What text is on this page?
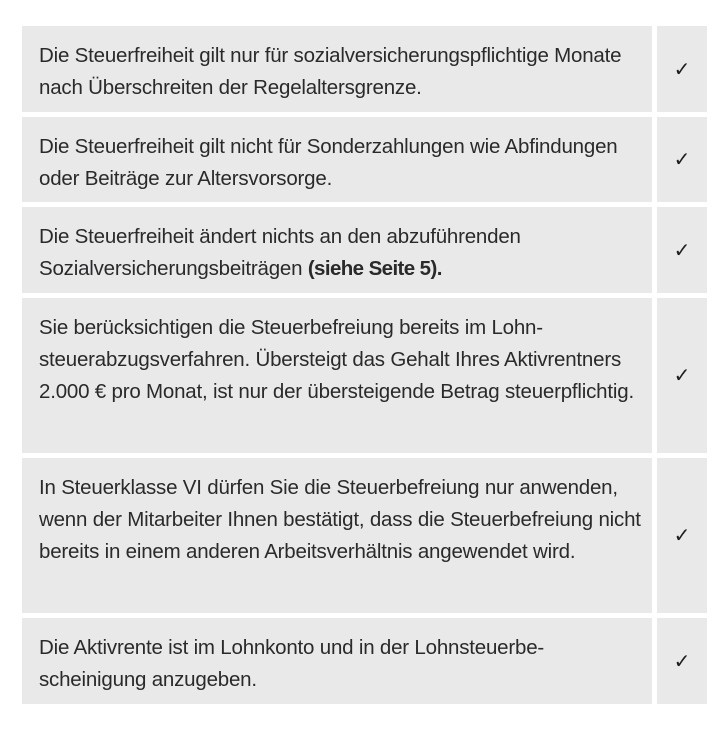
Die Steuerfreiheit gilt nur für sozialversicherungspflichtige Monate nach Überschreiten der Regelaltersgrenze.
✓
Die Steuerfreiheit gilt nicht für Sonderzahlungen wie Abfindungen oder Beiträge zur Altersvorsorge.
✓
Die Steuerfreiheit ändert nichts an den abzuführenden Sozialversicherungsbeiträgen (siehe Seite 5).
✓
Sie berücksichtigen die Steuerbefreiung bereits im Lohnsteuerabzugsverfahren. Übersteigt das Gehalt Ihres Aktivrentners 2.000 € pro Monat, ist nur der übersteigende Betrag steuerpflichtig.
✓
In Steuerklasse VI dürfen Sie die Steuerbefreiung nur anwenden, wenn der Mitarbeiter Ihnen bestätigt, dass die Steuerbefreiung nicht bereits in einem anderen Arbeitsverhältnis angewendet wird.
✓
Die Aktivrente ist im Lohnkonto und in der Lohnsteuerbescheinigung anzugeben.
✓
